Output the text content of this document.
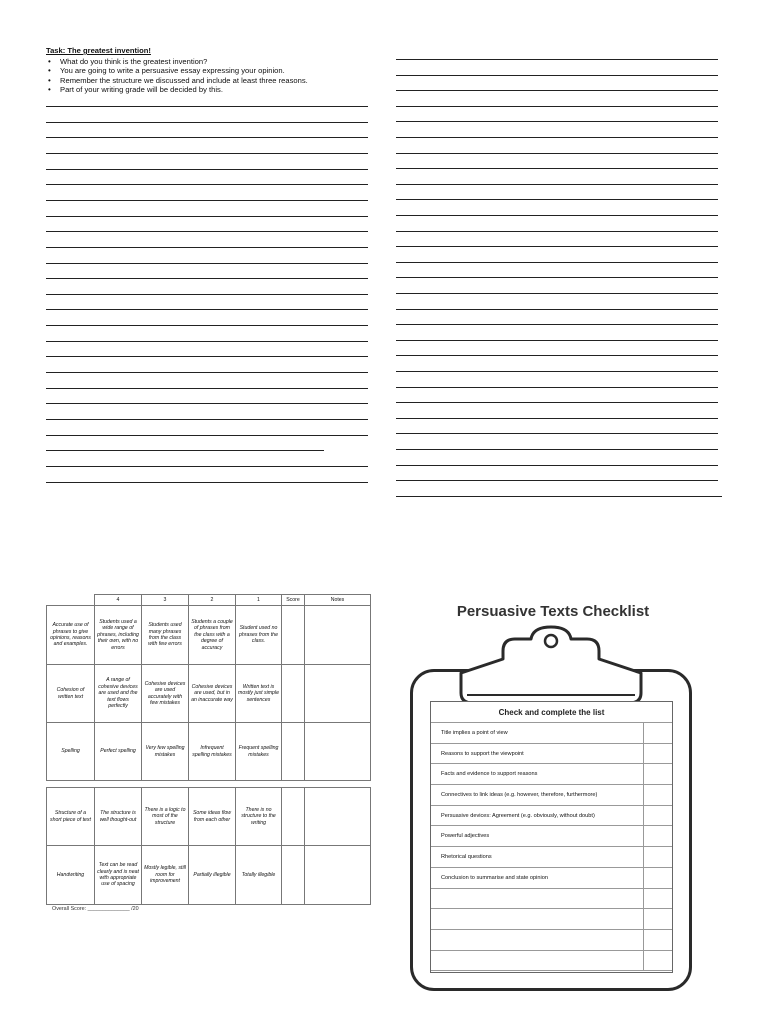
Task: The greatest invention!
• What do you think is the greatest invention?
• You are going to write a persuasive essay expressing your opinion.
• Remember the structure we discussed and include at least three reasons.
• Part of your writing grade will be decided by this.
	4	3	2	1	Score	Notes
Accurate use of phrases to give opinions, reasons and examples.	Students used a wide range of phrases, including their own, with no errors	Students used many phrases from the class with few errors	Students a couple of phrases from the class with a degree of accuracy	Student used no phrases from the class.		
Cohesion of written text	A range of cohesive devices are used and the text flows perfectly	Cohesive devices are used accurately with few mistakes	Cohesive devices are used, but in an inaccurate way	Written text is mostly just simple sentences		
Spelling	Perfect spelling	Very few spelling mistakes	Infrequent spelling mistakes	Frequent spelling mistakes		
Structure of a short piece of text	The structure is well thought-out	There is a logic to most of the structure	Some ideas flow from each other	There is no structure to the writing		
Handwriting	Text can be read clearly and is neat with appropriate use of spacing	Mostly legible, still room for improvement	Partially illegible	Totally illegible		
Overall Score: ______________ /20
Persuasive Texts Checklist
Check and complete the list
Title implies a point of view
Reasons to support the viewpoint
Facts and evidence to support reasons
Connectives to link ideas (e.g. however, therefore, furthermore)
Persuasive devices: Agreement (e.g. obviously, without doubt)
Powerful adjectives
Rhetorical questions
Conclusion to summarise and state opinion
